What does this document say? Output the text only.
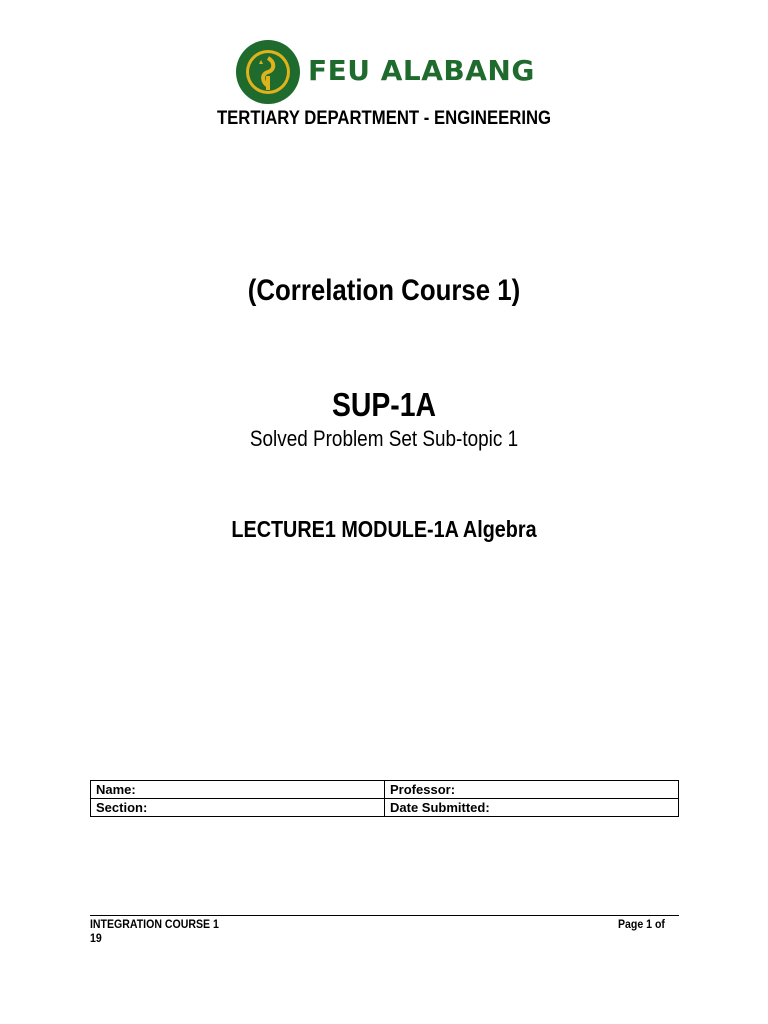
FEU ALABANG
TERTIARY DEPARTMENT - ENGINEERING
(Correlation Course 1)
SUP-1A
Solved Problem Set Sub-topic 1
LECTURE1 MODULE-1A Algebra
Name:	Professor:
Section:	Date Submitted:
INTEGRATION COURSE 1
19
Page 1 of
